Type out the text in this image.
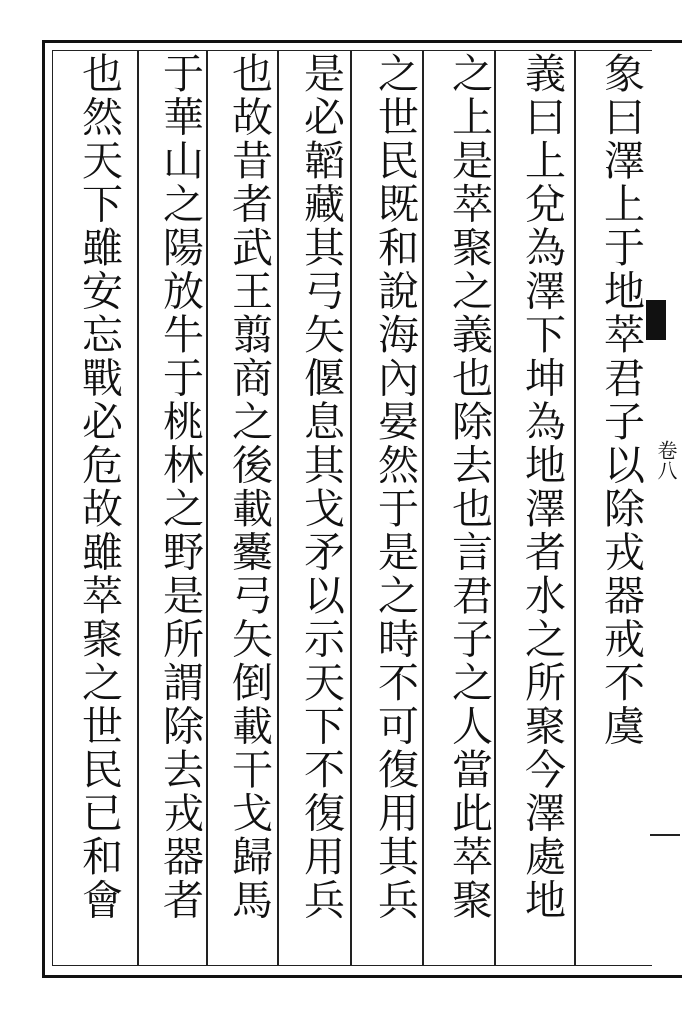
象曰澤上于地萃君子以除戎器戒不虞
義曰上兌為澤下坤為地澤者水之所聚今澤處地
之上是萃聚之義也除去也言君子之人當此萃聚
之世民既和說海內晏然于是之時不可復用其兵
是必韜藏其弓矢偃息其戈矛以示天下不復用兵
也故昔者武王翦商之後載櫜弓矢倒載干戈歸馬
于華山之陽放牛于桃林之野是所謂除去戎器者
也然天下雖安忘戰必危故雖萃聚之世民已和會	卷八
